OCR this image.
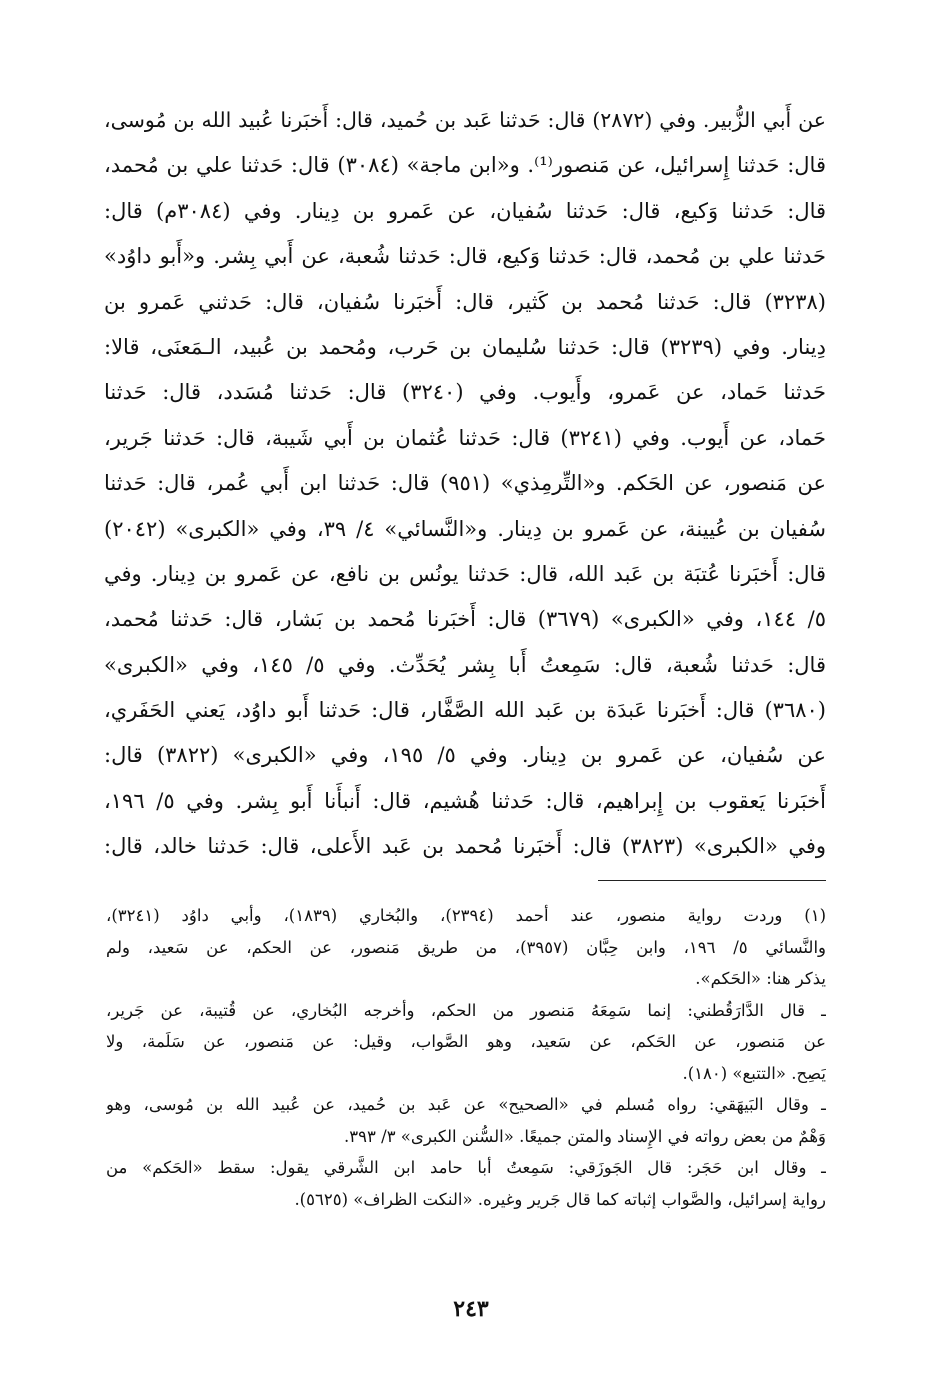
عن أَبي الزُّبير. وفي (٢٨٧٢) قال: حَدثنا عَبد بن حُميد، قال: أَخبَرنا عُبيد الله بن مُوسى،
قال: حَدثنا إِسرائيل، عن مَنصور⁽¹⁾. و«ابن ماجة» (٣٠٨٤) قال: حَدثنا علي بن مُحمد،
قال: حَدثنا وَكيع، قال: حَدثنا سُفيان، عن عَمرو بن دِينار. وفي (٣٠٨٤م) قال:
حَدثنا علي بن مُحمد، قال: حَدثنا وَكيع، قال: حَدثنا شُعبة، عن أَبي بِشر. و«أَبو داوُد»
(٣٢٣٨) قال: حَدثنا مُحمد بن كَثير، قال: أَخبَرنا سُفيان، قال: حَدثني عَمرو بن
دِينار. وفي (٣٢٣٩) قال: حَدثنا سُليمان بن حَرب، ومُحمد بن عُبيد، الـمَعنَى، قالا:
حَدثنا حَماد، عن عَمرو، وأَيوب. وفي (٣٢٤٠) قال: حَدثنا مُسَدد، قال: حَدثنا
حَماد، عن أَيوب. وفي (٣٢٤١) قال: حَدثنا عُثمان بن أَبي شَيبة، قال: حَدثنا جَرير،
عن مَنصور، عن الحَكم. و«التِّرمِذي» (٩٥١) قال: حَدثنا ابن أَبي عُمر، قال: حَدثنا
سُفيان بن عُيينة، عن عَمرو بن دِينار. و«النَّسائي» ٤/ ٣٩، وفي «الكبرى» (٢٠٤٢)
قال: أَخبَرنا عُتبَة بن عَبد الله، قال: حَدثنا يونُس بن نافع، عن عَمرو بن دِينار. وفي
٥/ ١٤٤، وفي «الكبرى» (٣٦٧٩) قال: أَخبَرنا مُحمد بن بَشار، قال: حَدثنا مُحمد،
قال: حَدثنا شُعبة، قال: سَمِعتُ أَبا بِشر يُحَدِّث. وفي ٥/ ١٤٥، وفي «الكبرى»
(٣٦٨٠) قال: أَخبَرنا عَبدَة بن عَبد الله الصَّفَّار، قال: حَدثنا أَبو داوُد، يَعني الحَفَري،
عن سُفيان، عن عَمرو بن دِينار. وفي ٥/ ١٩٥، وفي «الكبرى» (٣٨٢٢) قال:
أَخبَرنا يَعقوب بن إِبراهيم، قال: حَدثنا هُشيم، قال: أَنبأَنا أَبو بِشر. وفي ٥/ ١٩٦،
وفي «الكبرى» (٣٨٢٣) قال: أَخبَرنا مُحمد بن عَبد الأَعلى، قال: حَدثنا خالد، قال:
(١) وردت رواية منصور، عند أحمد (٢٣٩٤)، والبُخاري (١٨٣٩)، وأبي داوُد (٣٢٤١)،
والنَّسائي ٥/ ١٩٦، وابن حِبَّان (٣٩٥٧)، من طريق مَنصور، عن الحكم، عن سَعيد، ولم
يذكر هنا: «الحَكم».
ـ قال الدَّارَقُطني: إنما سَمِعَهُ مَنصور من الحكم، وأخرجه البُخاري، عن قُتيبة، عن جَرير،
عن مَنصور، عن الحَكم، عن سَعيد، وهو الصَّواب، وقيل: عن مَنصور، عن سَلَمة، ولا
يَصِح. «التتبع» (١٨٠).
ـ وقال البَيهَقي: رواه مُسلم في «الصحيح» عن عَبد بن حُميد، عن عُبيد الله بن مُوسى، وهو
وَهْمٌ من بعض رواته في الإِسناد والمتن جميعًا. «السُّنن الكبرى» ٣/ ٣٩٣.
ـ وقال ابن حَجَر: قال الجَوزَقي: سَمِعتُ أبا حامد ابن الشَّرقي يقول: سقط «الحَكم» من
رواية إسرائيل، والصَّواب إثباته كما قال جَرير وغيره. «النكت الظراف» (٥٦٢٥).
٢٤٣
